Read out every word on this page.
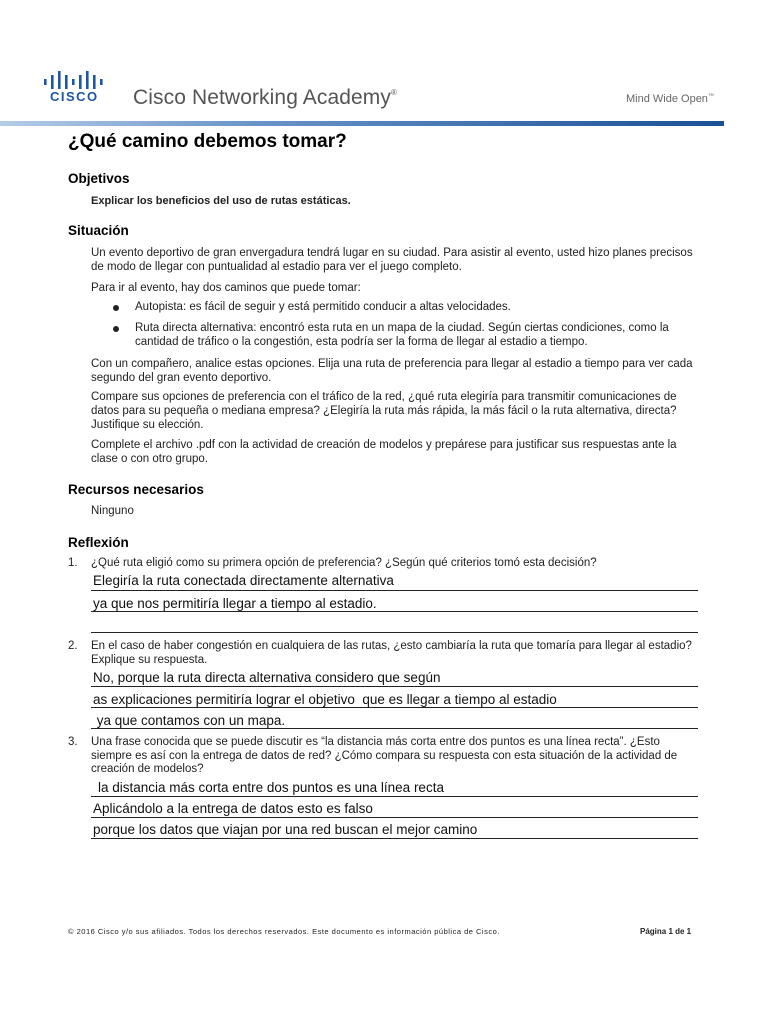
CISCO Cisco Networking Academy®
Mind Wide Open™
¿Qué camino debemos tomar?
Objetivos

Explicar los beneficios del uso de rutas estáticas.

Situación

Un evento deportivo de gran envergadura tendrá lugar en su ciudad. Para asistir al evento, usted hizo planes precisos de modo de llegar con puntualidad al estadio para ver el juego completo.

Para ir al evento, hay dos caminos que puede tomar:

Autopista: es fácil de seguir y está permitido conducir a altas velocidades.

Ruta directa alternativa: encontró esta ruta en un mapa de la ciudad. Según ciertas condiciones, como la cantidad de tráfico o la congestión, esta podría ser la forma de llegar al estadio a tiempo.

Con un compañero, analice estas opciones. Elija una ruta de preferencia para llegar al estadio a tiempo para ver cada segundo del gran evento deportivo.

Compare sus opciones de preferencia con el tráfico de la red, ¿qué ruta elegiría para transmitir comunicaciones de datos para su pequeña o mediana empresa? ¿Elegiría la ruta más rápida, la más fácil o la ruta alternativa, directa? Justifique su elección.

Complete el archivo .pdf con la actividad de creación de modelos y prepárese para justificar sus respuestas ante la clase o con otro grupo.

Recursos necesarios

Ninguno

Reflexión

1. ¿Qué ruta eligió como su primera opción de preferencia? ¿Según qué criterios tomó esta decisión?

Elegiría la ruta conectada directamente alternativa

ya que nos permitiría llegar a tiempo al estadio.

2. En el caso de haber congestión en cualquiera de las rutas, ¿esto cambiaría la ruta que tomaría para llegar al estadio? Explique su respuesta.

No, porque la ruta directa alternativa considero que según

as explicaciones permitiría lograr el objetivo  que es llegar a tiempo al estadio

ya que contamos con un mapa.

3. Una frase conocida que se puede discutir es “la distancia más corta entre dos puntos es una línea recta”. ¿Esto siempre es así con la entrega de datos de red? ¿Cómo compara su respuesta con esta situación de la actividad de creación de modelos?

la distancia más corta entre dos puntos es una línea recta

Aplicándolo a la entrega de datos esto es falso

porque los datos que viajan por una red buscan el mejor camino

© 2016 Cisco y/o sus afiliados. Todos los derechos reservados. Este documento es información pública de Cisco.	Página 1 de 1
